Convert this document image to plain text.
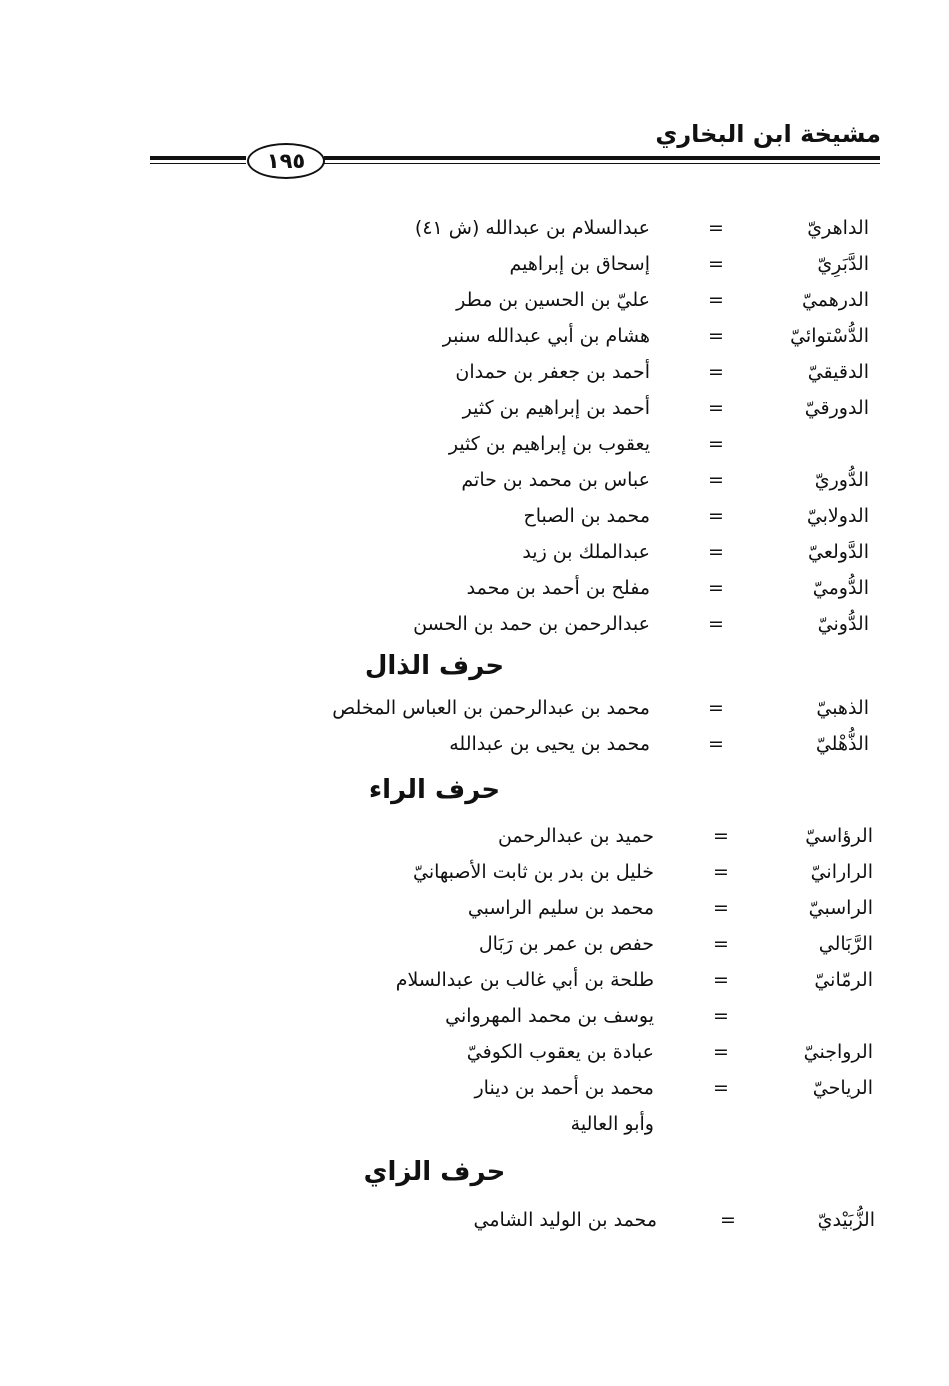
مشيخة ابن البخاري
١٩٥
الداهريّ
=
عبدالسلام بن عبدالله (ش ٤١)
الدَّبَرِيّ
=
إسحاق بن إبراهيم
الدرهميّ
=
عليّ بن الحسين بن مطر
الدُّسْتوائيّ
=
هشام بن أبي عبدالله سنبر
الدقيقيّ
=
أحمد بن جعفر بن حمدان
الدورقيّ
=
أحمد بن إبراهيم بن كثير
=
يعقوب بن إبراهيم بن كثير
الدُّوريّ
=
عباس بن محمد بن حاتم
الدولابيّ
=
محمد بن الصباح
الدَّولعيّ
=
عبدالملك بن زيد
الدُّوميّ
=
مفلح بن أحمد بن محمد
الدُّونيّ
=
عبدالرحمن بن حمد بن الحسن
حرف الذال
الذهبيّ
=
محمد بن عبدالرحمن بن العباس المخلص
الذُّهْليّ
=
محمد بن يحيى بن عبدالله
حرف الراء
الرؤاسيّ
=
حميد بن عبدالرحمن
الرارانيّ
=
خليل بن بدر بن ثابت الأصبهانيّ
الراسبيّ
=
محمد بن سليم الراسبي
الرَّبَالي
=
حفص بن عمر بن رَبَال
الرمّانيّ
=
طلحة بن أبي غالب بن عبدالسلام
=
يوسف بن محمد المهرواني
الرواجنيّ
=
عبادة بن يعقوب الكوفيّ
الرياحيّ
=
محمد بن أحمد بن دينار
وأبو العالية
حرف الزاي
الزُّبَيْديّ
=
محمد بن الوليد الشامي
